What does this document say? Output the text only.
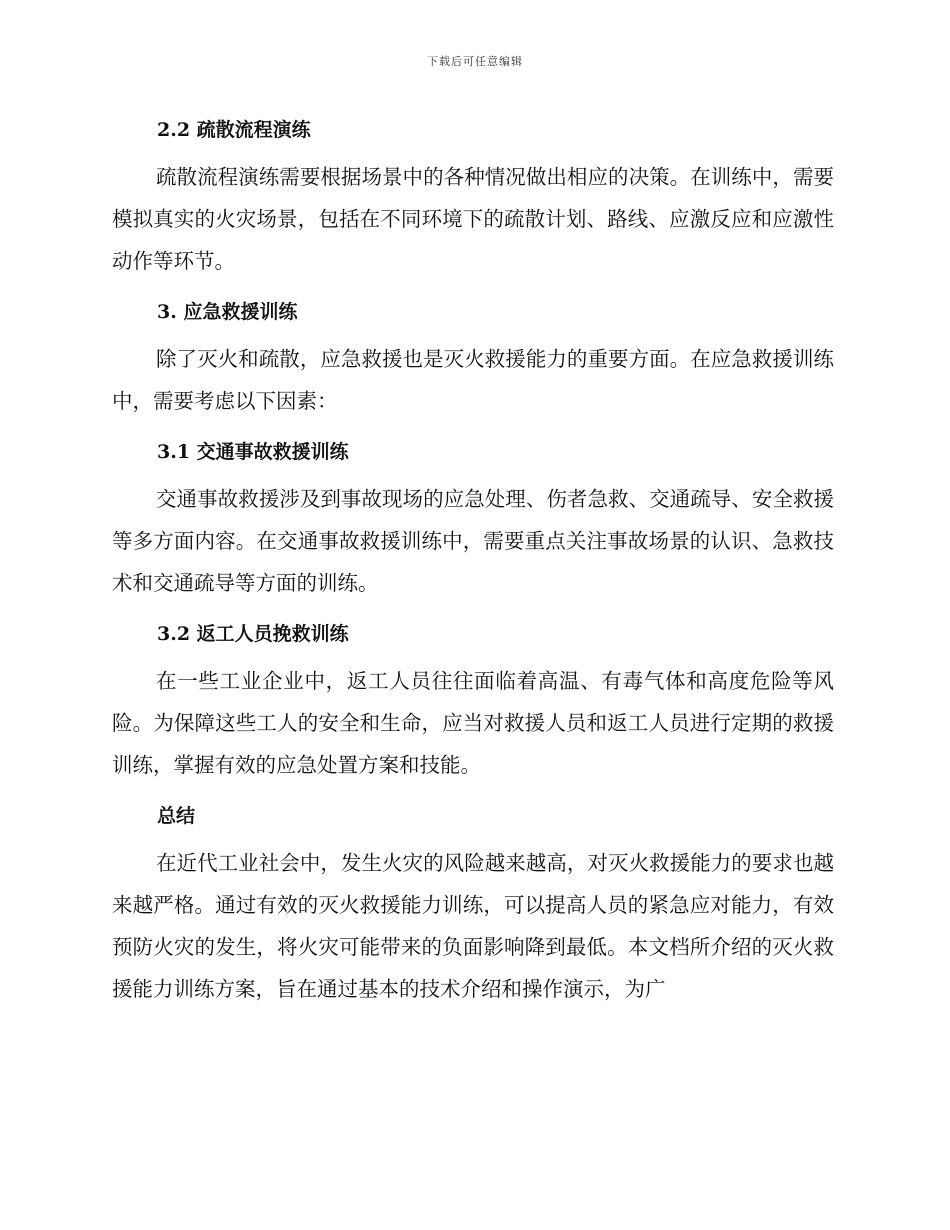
下载后可任意编辑
2.2 疏散流程演练

疏散流程演练需要根据场景中的各种情况做出相应的决策。在训练中，需要模拟真实的火灾场景，包括在不同环境下的疏散计划、路线、应激反应和应激性动作等环节。

3. 应急救援训练

除了灭火和疏散，应急救援也是灭火救援能力的重要方面。在应急救援训练中，需要考虑以下因素：

3.1 交通事故救援训练

交通事故救援涉及到事故现场的应急处理、伤者急救、交通疏导、安全救援等多方面内容。在交通事故救援训练中，需要重点关注事故场景的认识、急救技术和交通疏导等方面的训练。

3.2 返工人员挽救训练

在一些工业企业中，返工人员往往面临着高温、有毒气体和高度危险等风险。为保障这些工人的安全和生命，应当对救援人员和返工人员进行定期的救援训练，掌握有效的应急处置方案和技能。

总结

在近代工业社会中，发生火灾的风险越来越高，对灭火救援能力的要求也越来越严格。通过有效的灭火救援能力训练，可以提高人员的紧急应对能力，有效预防火灾的发生，将火灾可能带来的负面影响降到最低。本文档所介绍的灭火救援能力训练方案，旨在通过基本的技术介绍和操作演示，为广
